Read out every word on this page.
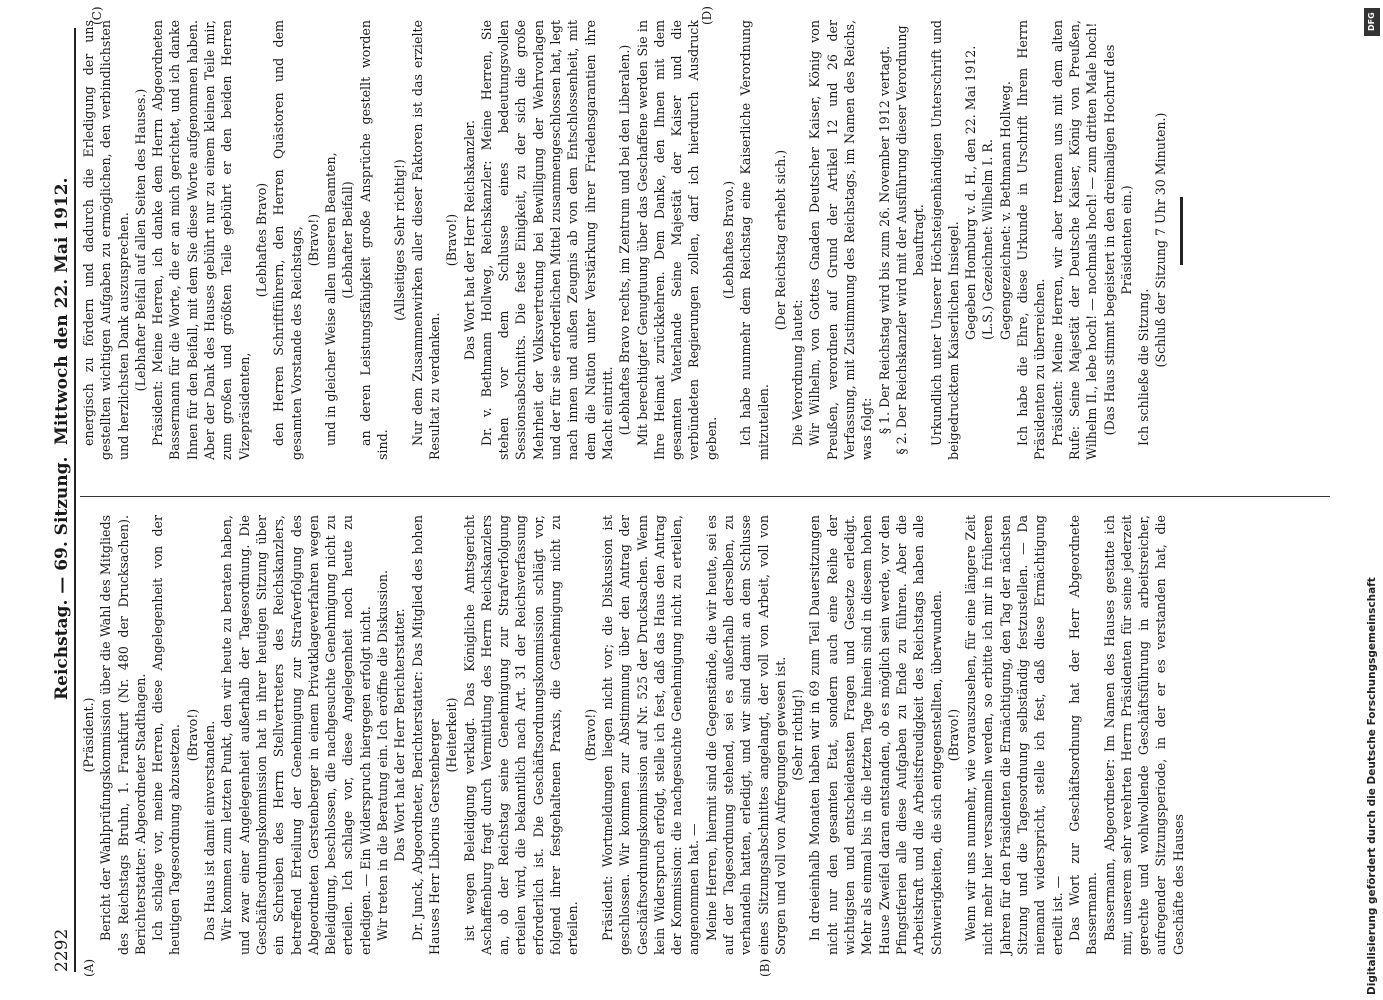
2292
Reichstag. — 69. Sitzung.
Mittwoch den 22. Mai 1912.
(A)	(B)
(C)	(D)

(Präsident.) Bericht der Wahlprüfungskommission über die Wahl des Mitglieds des Reichstags Bruhn, 1. Frankfurt (Nr. 480 der Drucksachen). Berichterstatter: Abgeordneter Stadthagen. Ich schlage vor, meine Herren, diese Angelegenheit von der heutigen Tagesordnung abzusetzen. (Bravo!) Das Haus ist damit einverstanden. Wir kommen zum letzten Punkt, den wir heute zu beraten haben, und zwar einer Angelegenheit außerhalb der Tagesordnung. Die Geschäftsordnungskommission hat in ihrer heutigen Sitzung über ein Schreiben des Herrn Stellvertreters des Reichskanzlers, betreffend Erteilung der Genehmigung zur Strafverfolgung des Abgeordneten Gerstenberger in einem Privatklageverfahren wegen Beleidigung, beschlossen, die nachgesuchte Genehmigung nicht zu erteilen. Ich schlage vor, diese Angelegenheit noch heute zu erledigen. — Ein Widerspruch hiergegen erfolgt nicht. Wir treten in die Beratung ein. Ich eröffne die Diskussion. Das Wort hat der Herr Berichterstatter. Dr. Junck, Abgeordneter, Berichterstatter: Das Mitglied des hohen Hauses Herr Liborius Gerstenberger (Heiterkeit) ist wegen Beleidigung verklagt. Das Königliche Amtsgericht Aschaffenburg fragt durch Vermittlung des Herrn Reichskanzlers an, ob der Reichstag seine Genehmigung zur Strafverfolgung erteilen wird, die bekanntlich nach Art. 31 der Reichsverfassung erforderlich ist. Die Geschäftsordnungskommission schlägt vor, folgend ihrer festgehaltenen Praxis, die Genehmigung nicht zu erteilen.

(Bravo!) Präsident: Wortmeldungen liegen nicht vor; die Diskussion ist geschlossen. Wir kommen zur Abstimmung über den Antrag der Geschäftsordnungskommission auf Nr. 525 der Drucksachen. Wenn kein Widerspruch erfolgt, stelle ich fest, daß das Haus den Antrag der Kommission: die nachgesuchte Genehmigung nicht zu erteilen, angenommen hat. — Meine Herren, hiermit sind die Gegenstände, die wir heute, sei es auf der Tagesordnung stehend, sei es außerhalb derselben, zu verhandeln hatten, erledigt, und wir sind damit an dem Schlusse eines Sitzungsabschnittes angelangt, der voll von Arbeit, voll von Sorgen und voll von Aufregungen gewesen ist. (Sehr richtig!) In dreieinhalb Monaten haben wir in 69 zum Teil Dauersitzungen nicht nur den gesamten Etat, sondern auch eine Reihe der wichtigsten und entscheidensten Fragen und Gesetze erledigt. Mehr als einmal bis in die letzten Tage hinein sind in diesem hohen Hause Zweifel daran entstanden, ob es möglich sein werde, vor den Pfingstferien alle diese Aufgaben zu Ende zu führen. Aber die Arbeitskraft und die Arbeitsfreudigkeit des Reichstags haben alle Schwierigkeiten, die sich entgegenstellten, überwunden. (Bravo!) Wenn wir uns nunmehr, wie vorauszusehen, für eine längere Zeit nicht mehr hier versammeln werden, so erbitte ich mir in früheren Jahren für den Präsidenten die Ermächtigung, den Tag der nächsten Sitzung und die Tagesordnung selbständig festzustellen. — Da niemand widerspricht, stelle ich fest, daß diese Ermächtigung erteilt ist. — Das Wort zur Geschäftsordnung hat der Herr Abgeordnete Bassermann. Bassermann, Abgeordneter: Im Namen des Hauses gestatte ich mir, unserem sehr verehrten Herrn Präsidenten für seine jederzeit gerechte und wohlwollende Geschäftsführung in arbeitsreicher, aufregender Sitzungsperiode, in der er es verstanden hat, die Geschäfte des Hauses

energisch zu fördern und dadurch die Erledigung der uns gestellten wichtigen Aufgaben zu ermöglichen, den verbindlichsten und herzlichsten Dank auszusprechen. (Lebhafter Beifall auf allen Seiten des Hauses.) Präsident: Meine Herren, ich danke dem Herrn Abgeordneten Bassermann für die Worte, die er an mich gerichtet, und ich danke Ihnen für den Beifall, mit dem Sie diese Worte aufgenommen haben. Aber der Dank des Hauses gebührt nur zu einem kleinen Teile mir, zum großen und größten Teile gebührt er den beiden Herren Vizepräsidenten,

(Lebhaftes Bravo) den Herren Schriftführern, den Herren Quästoren und dem gesamten Vorstande des Reichstags, (Bravo!) und in gleicher Weise allen unseren Beamten, (Lebhafter Beifall) an deren Leistungsfähigkeit große Ansprüche gestellt worden sind.

(Allseitiges Sehr richtig!) Nur dem Zusammenwirken aller dieser Faktoren ist das erzielte Resultat zu verdanken.

(Bravo!) Das Wort hat der Herr Reichskanzler. Dr. v. Bethmann Hollweg, Reichskanzler: Meine Herren, Sie stehen vor dem Schlusse eines bedeutungsvollen Sessionsabschnitts. Die feste Einigkeit, zu der sich die große Mehrheit der Volksvertretung bei Bewilligung der Wehrvorlagen und der für sie erforderlichen Mittel zusammengeschlossen hat, legt nach innen und außen Zeugnis ab von dem Entschlossenheit, mit dem die Nation unter Verstärkung ihrer Friedensgarantien ihre Macht eintritt. (Lebhaftes Bravo rechts, im Zentrum und bei den Liberalen.) Mit berechtigter Genugtuung über das Geschaffene werden Sie in Ihre Heimat zurückkehren. Dem Danke, den Ihnen mit dem gesamten Vaterlande Seine Majestät der Kaiser und die verbündeten Regierungen zollen, darf ich hierdurch Ausdruck geben.

(Lebhaftes Bravo.) Ich habe nunmehr dem Reichstag eine Kaiserliche Verordnung mitzuteilen.

(Der Reichstag erhebt sich.)

Die Verordnung lautet: Wir Wilhelm, von Gottes Gnaden Deutscher Kaiser, König von Preußen, verordnen auf Grund der Artikel 12 und 26 der Verfassung, mit Zustimmung des Reichstags, im Namen des Reichs, was folgt: § 1. Der Reichstag wird bis zum 26. November 1912 vertagt. § 2. Der Reichskanzler wird mit der Ausführung dieser Verordnung beauftragt. Urkundlich unter Unserer Höchsteigenhändigen Unterschrift und beigedrucktem Kaiserlichen Insiegel.

Gegeben Homburg v. d. H., den 22. Mai 1912. (L.S.) Gezeichnet: Wilhelm I. R. Gegengezeichnet: v. Bethmann Hollweg. Ich habe die Ehre, diese Urkunde in Urschrift Ihrem Herrn Präsidenten zu überreichen. Präsident: Meine Herren, wir aber trennen uns mit dem alten Rufe: Seine Majestät der Deutsche Kaiser, König von Preußen, Wilhelm II., lebe hoch! — nochmals hoch! — zum dritten Male hoch! (Das Haus stimmt begeistert in den dreimaligen Hochruf des Präsidenten ein.)

Ich schließe die Sitzung. (Schluß der Sitzung 7 Uhr 30 Minuten.)

DFG
Digitalisierung gefördert durch die Deutsche Forschungsgemeinschaft
